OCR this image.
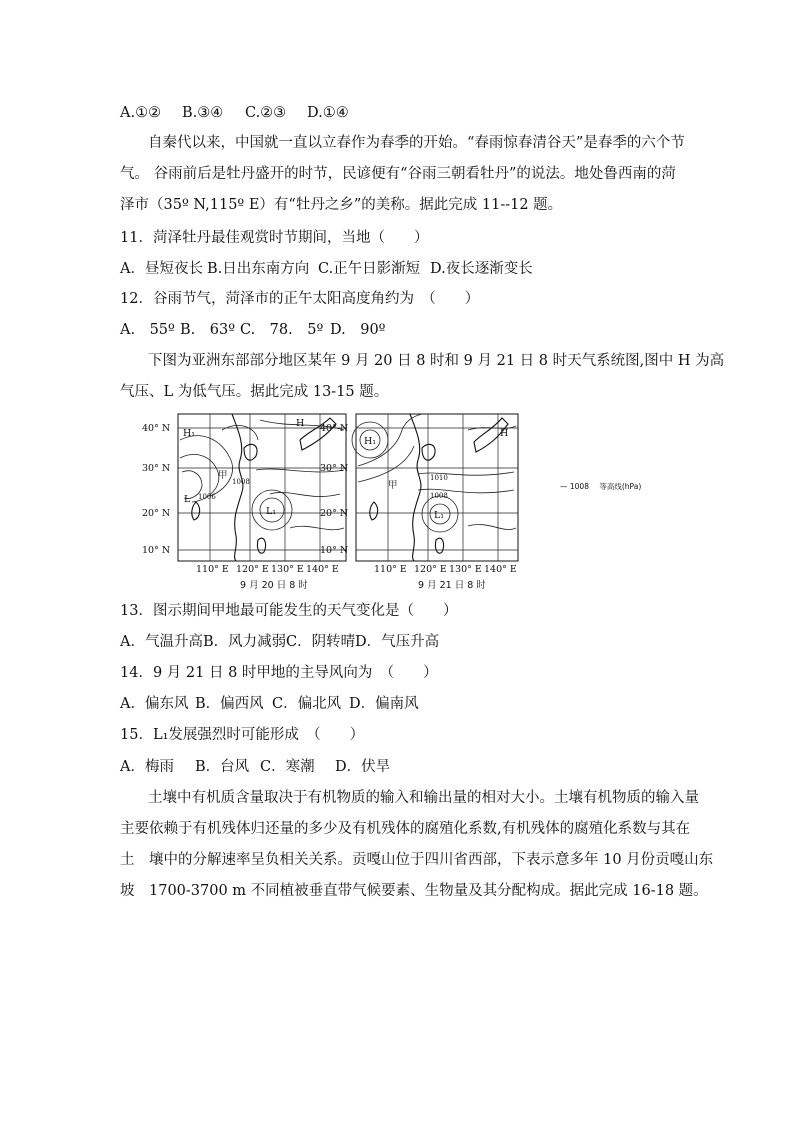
A.①② B.③④ C.②③ D.①④
自秦代以来，中国就一直以立春作为春季的开始。“春雨惊春清谷天”是春季的六个节
气。 谷雨前后是牡丹盛开的时节，民谚便有“谷雨三朝看牡丹”的说法。地处鲁西南的菏
泽市（35º N,115º E）有“牡丹之乡”的美称。据此完成 11--12 题。
11．菏泽牡丹最佳观赏时节期间，当地（　　）
A．昼短夜长 B.日出东南方向 C.正午日影渐短 D.夜长逐渐变长
12．谷雨节气，菏泽市的正午太阳高度角约为　（　　）
A.　55º B.　63º C.　78.　5º D.　90º
下图为亚洲东部部分地区某年 9 月 20 日 8 时和 9 月 21 日 8 时天气系统图,图中 H 为高
气压、L 为低气压。据此完成 13-15 题。
40° N
30° N
20° N
10° N
110° E 120° E 130° E 140° E
1006
1008
H₁
L
H
L₁
甲
9 月 20 日 8 时
40° N
30° N
20° N
10° N
110° E 120° E 130° E 140° E
1010
1008
H₁
H
L₁
甲
9 月 21 日 8 时
— 1008 等高线(hPa)
13．图示期间甲地最可能发生的天气变化是（　　）
A．气温升高 B．风力减弱 C．阴转晴 D．气压升高
14．9 月 21 日 8 时甲地的主导风向为　（　　）
A．偏东风 B．偏西风 C．偏北风 D．偏南风
15．L₁发展强烈时可能形成　（　　）
A．梅雨 B．台风 C．寒潮 D．伏旱
土壤中有机质含量取决于有机物质的输入和输出量的相对大小。土壤有机物质的输入量
主要依赖于有机残体归还量的多少及有机残体的腐殖化系数,有机残体的腐殖化系数与其在
土　壤中的分解速率呈负相关关系。贡嘎山位于四川省西部，下表示意多年 10 月份贡嘎山东
坡　1700-3700 m 不同植被垂直带气候要素、生物量及其分配构成。据此完成 16-18 题。
